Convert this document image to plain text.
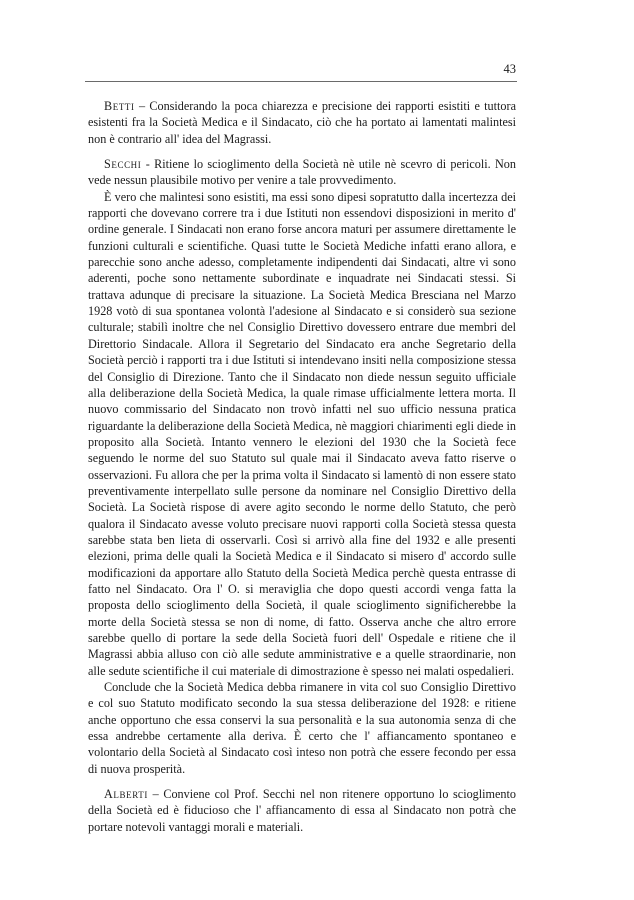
43

Betti – Considerando la poca chiarezza e precisione dei rapporti esistiti e tuttora esistenti fra la Società Medica e il Sindacato, ciò che ha portato ai lamentati malintesi non è contrario all' idea del Magrassi.

Secchi - Ritiene lo scioglimento della Società nè utile nè scevro di pericoli. Non vede nessun plausibile motivo per venire a tale provvedimento.

È vero che malintesi sono esistiti, ma essi sono dipesi sopratutto dalla incertezza dei rapporti che dovevano correre tra i due Istituti non essendovi disposizioni in merito d' ordine generale. I Sindacati non erano forse ancora maturi per assumere direttamente le funzioni culturali e scientifiche. Quasi tutte le Società Mediche infatti erano allora, e parecchie sono anche adesso, completamente indipendenti dai Sindacati, altre vi sono aderenti, poche sono nettamente subordinate e inquadrate nei Sindacati stessi. Si trattava adunque di precisare la situazione. La Società Medica Bresciana nel Marzo 1928 votò di sua spontanea volontà l'adesione al Sindacato e si considerò sua sezione culturale; stabilì inoltre che nel Consiglio Direttivo dovessero entrare due membri del Direttorio Sindacale. Allora il Segretario del Sindacato era anche Segretario della Società perciò i rapporti tra i due Istituti si intendevano insiti nella composizione stessa del Consiglio di Direzione. Tanto che il Sindacato non diede nessun seguito ufficiale alla deliberazione della Società Medica, la quale rimase ufficialmente lettera morta. Il nuovo commissario del Sindacato non trovò infatti nel suo ufficio nessuna pratica riguardante la deliberazione della Società Medica, nè maggiori chiarimenti egli diede in proposito alla Società. Intanto vennero le elezioni del 1930 che la Società fece seguendo le norme del suo Statuto sul quale mai il Sindacato aveva fatto riserve o osservazioni. Fu allora che per la prima volta il Sindacato si lamentò di non essere stato preventivamente interpellato sulle persone da nominare nel Consiglio Direttivo della Società. La Società rispose di avere agito secondo le norme dello Statuto, che però qualora il Sindacato avesse voluto precisare nuovi rapporti colla Società stessa questa sarebbe stata ben lieta di osservarli. Così si arrivò alla fine del 1932 e alle presenti elezioni, prima delle quali la Società Medica e il Sindacato si misero d' accordo sulle modificazioni da apportare allo Statuto della Società Medica perchè questa entrasse di fatto nel Sindacato. Ora l' O. si meraviglia che dopo questi accordi venga fatta la proposta dello scioglimento della Società, il quale scioglimento significherebbe la morte della Società stessa se non di nome, di fatto. Osserva anche che altro errore sarebbe quello di portare la sede della Società fuori dell' Ospedale e ritiene che il Magrassi abbia alluso con ciò alle sedute amministrative e a quelle straordinarie, non alle sedute scientifiche il cui materiale di dimostrazione è spesso nei malati ospedalieri.

Conclude che la Società Medica debba rimanere in vita col suo Consiglio Direttivo e col suo Statuto modificato secondo la sua stessa deliberazione del 1928: e ritiene anche opportuno che essa conservi la sua personalità e la sua autonomia senza di che essa andrebbe certamente alla deriva. È certo che l' affiancamento spontaneo e volontario della Società al Sindacato così inteso non potrà che essere fecondo per essa di nuova prosperità.

Alberti – Conviene col Prof. Secchi nel non ritenere opportuno lo scioglimento della Società ed è fiducioso che l' affiancamento di essa al Sindacato non potrà che portare notevoli vantaggi morali e materiali.
